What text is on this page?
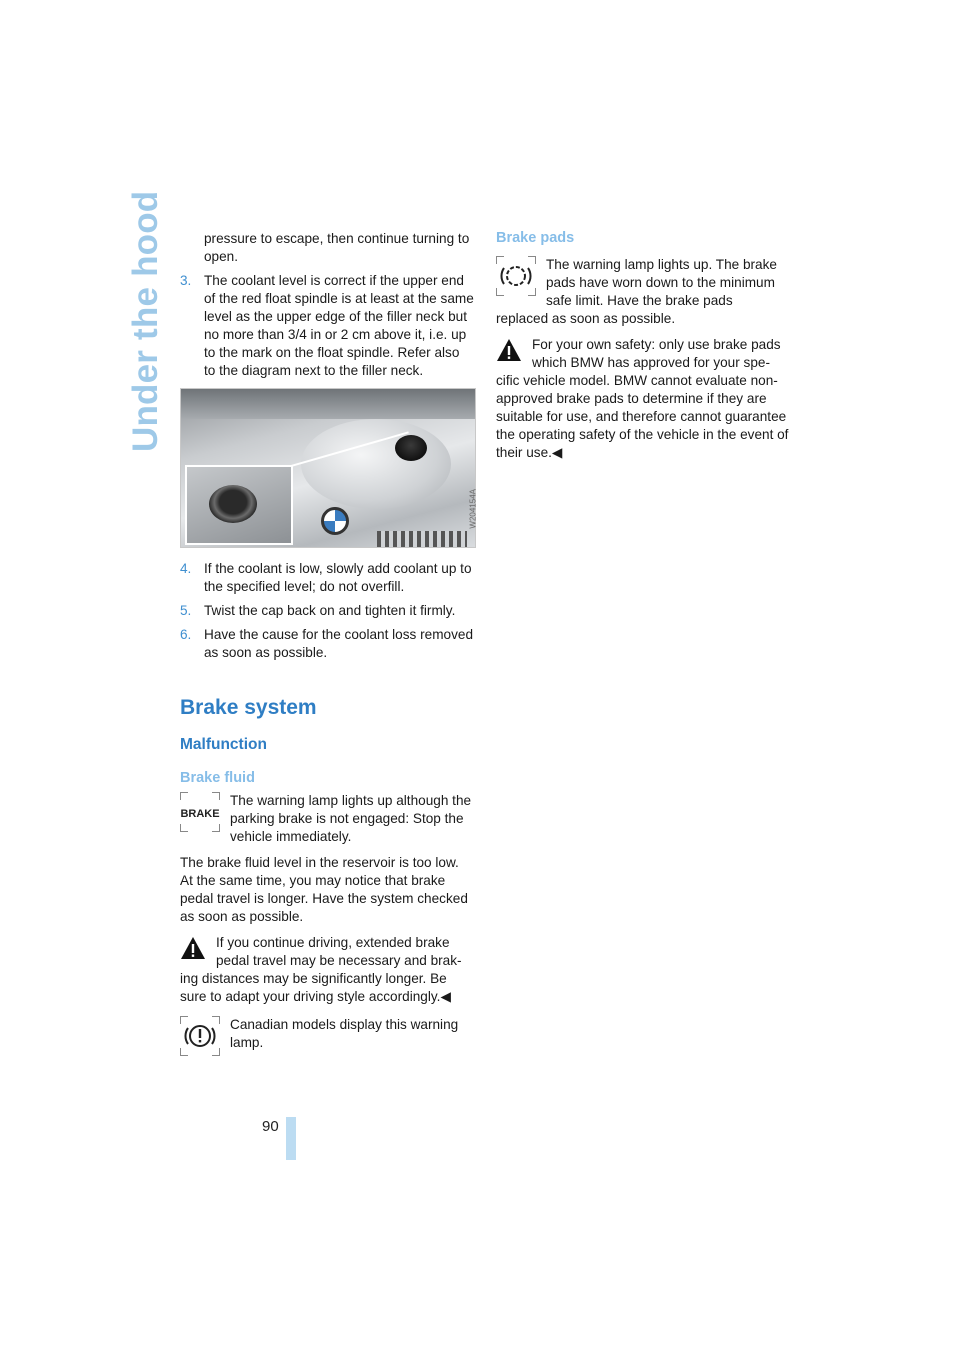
Under the hood
90

pressure to escape, then continue turning to open.

3. The coolant level is correct if the upper end of the red float spindle is at least at the same level as the upper edge of the filler neck but no more than 3/4 in or 2 cm above it, i.e. up to the mark on the float spindle. Refer also to the diagram next to the filler neck.
W204154A
4. If the coolant is low, slowly add coolant up to the specified level; do not overfill.
5. Twist the cap back on and tighten it firmly.
6. Have the cause for the coolant loss removed as soon as possible.
Brake system
Malfunction
Brake fluid
BRAKE

The warning lamp lights up although the parking brake is not engaged: Stop the vehicle immediately.

The brake fluid level in the reservoir is too low. At the same time, you may notice that brake pedal travel is longer. Have the system checked as soon as possible.

If you continue driving, extended brake pedal travel may be necessary and brak-

ing distances may be significantly longer. Be sure to adapt your driving style accordingly.◀

Canadian models display this warning lamp.

Brake pads

The warning lamp lights up. The brake pads have worn down to the minimum safe limit. Have the brake pads

replaced as soon as possible.

For your own safety: only use brake pads which BMW has approved for your spe-

cific vehicle model. BMW cannot evaluate non-approved brake pads to determine if they are suitable for use, and therefore cannot guarantee the operating safety of the vehicle in the event of their use.◀
